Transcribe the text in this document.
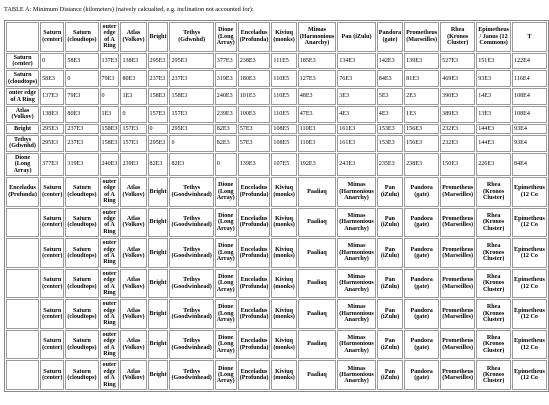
TABLE A: Minimum Distance (kilometers) (naively calcualted, e.g. inclination not accounted for):
	Saturn (center)	Saturn (cloudtops)	outer edge of A Ring	Atlas (Volkov)	Bright	Tethys (Gdwnhd)	Dione (Long Array)	Enceladus (Profunda)	Kiviuq (monks)	Mimas (Harmonious Anarchy)	Pan (iZulu)	Pandora (gate)	Prometheus (Marseilles)	Rhea (Kronos Cluster)	Epimetheus / Janus (12 Commons)	T
Saturn (center)	0	58E3	137E3	138E3	295E3	295E3	377E3	238E3	111E5	185E3	134E3	142E3	139E3	527E3	151E3	122E4
Saturn (cloudtops)	58E3	0	79E3	80E3	237E3	237E3	319E3	180E3	110E5	127E3	76E3	84E3	81E3	469E3	93E3	116E4
outer edge of A Ring	137E3	79E3	0	1E3	158E3	158E3	240E3	101E3	110E5	48E3	3E3	5E3	2E3	390E3	14E3	108E4
Atlas (Volkov)	138E3	80E3	1E3	0	157E3	157E3	239E3	100E3	110E5	47E3	4E3	4E3	1E3	389E3	13E3	108E4
Bright	295E3	237E3	158E3	157E3	0	295E3	82E3	57E3	108E5	110E3	161E3	153E3	156E3	232E3	144E3	93E4
Tethys (Gdwnhd)	295E3	237E3	158E3	157E3	295E3	0	82E3	57E3	108E5	110E3	161E3	153E3	156E3	232E3	144E3	93E4
Dione (Long Array)	377E3	319E3	240E3	239E3	82E3	82E3	0	139E3	107E5	192E3	243E3	235E3	238E3	150E3	226E3	84E4
Enceladus (Profunda)	Saturn (center)	Saturn (cloudtops)	outer edge of A Ring	Atlas (Volkov)	Bright	Tethys (Goodwinhead)	Dione (Long Array)	Enceladus (Profunda)	Kiviuq (monks)	Paaliaq	Mimas (Harmonious Anarchy)	Pan (iZulu)	Pandora (gate)	Prometheus (Marseilles)	Rhea (Kronos Cluster)	Epimetheus (12 Co
	Saturn (center)	Saturn (cloudtops)	outer edge of A Ring	Atlas (Volkov)	Bright	Tethys (Goodwinhead)	Dione (Long Array)	Enceladus (Profunda)	Kiviuq (monks)	Paaliaq	Mimas (Harmonious Anarchy)	Pan (iZulu)	Pandora (gate)	Prometheus (Marseilles)	Rhea (Kronos Cluster)	Epimetheus (12 Co
	Saturn (center)	Saturn (cloudtops)	outer edge of A Ring	Atlas (Volkov)	Bright	Tethys (Goodwinhead)	Dione (Long Array)	Enceladus (Profunda)	Kiviuq (monks)	Paaliaq	Mimas (Harmonious Anarchy)	Pan (iZulu)	Pandora (gate)	Prometheus (Marseilles)	Rhea (Kronos Cluster)	Epimetheus (12 Co
	Saturn (center)	Saturn (cloudtops)	outer edge of A Ring	Atlas (Volkov)	Bright	Tethys (Goodwinhead)	Dione (Long Array)	Enceladus (Profunda)	Kiviuq (monks)	Paaliaq	Mimas (Harmonious Anarchy)	Pan (iZulu)	Pandora (gate)	Prometheus (Marseilles)	Rhea (Kronos Cluster)	Epimetheus (12 Co
	Saturn (center)	Saturn (cloudtops)	outer edge of A Ring	Atlas (Volkov)	Bright	Tethys (Goodwinhead)	Dione (Long Array)	Enceladus (Profunda)	Kiviuq (monks)	Paaliaq	Mimas (Harmonious Anarchy)	Pan (iZulu)	Pandora (gate)	Prometheus (Marseilles)	Rhea (Kronos Cluster)	Epimetheus (12 Co
	Saturn (center)	Saturn (cloudtops)	outer edge of A Ring	Atlas (Volkov)	Bright	Tethys (Goodwinhead)	Dione (Long Array)	Enceladus (Profunda)	Kiviuq (monks)	Paaliaq	Mimas (Harmonious Anarchy)	Pan (iZulu)	Pandora (gate)	Prometheus (Marseilles)	Rhea (Kronos Cluster)	Epimetheus (12 Co
	Saturn (center)	Saturn (cloudtops)	outer edge of A Ring	Atlas (Volkov)	Bright	Tethys (Goodwinhead)	Dione (Long Array)	Enceladus (Profunda)	Kiviuq (monks)	Paaliaq	Mimas (Harmonious Anarchy)	Pan (iZulu)	Pandora (gate)	Prometheus (Marseilles)	Rhea (Kronos Cluster)	Epimetheus (12 Co
